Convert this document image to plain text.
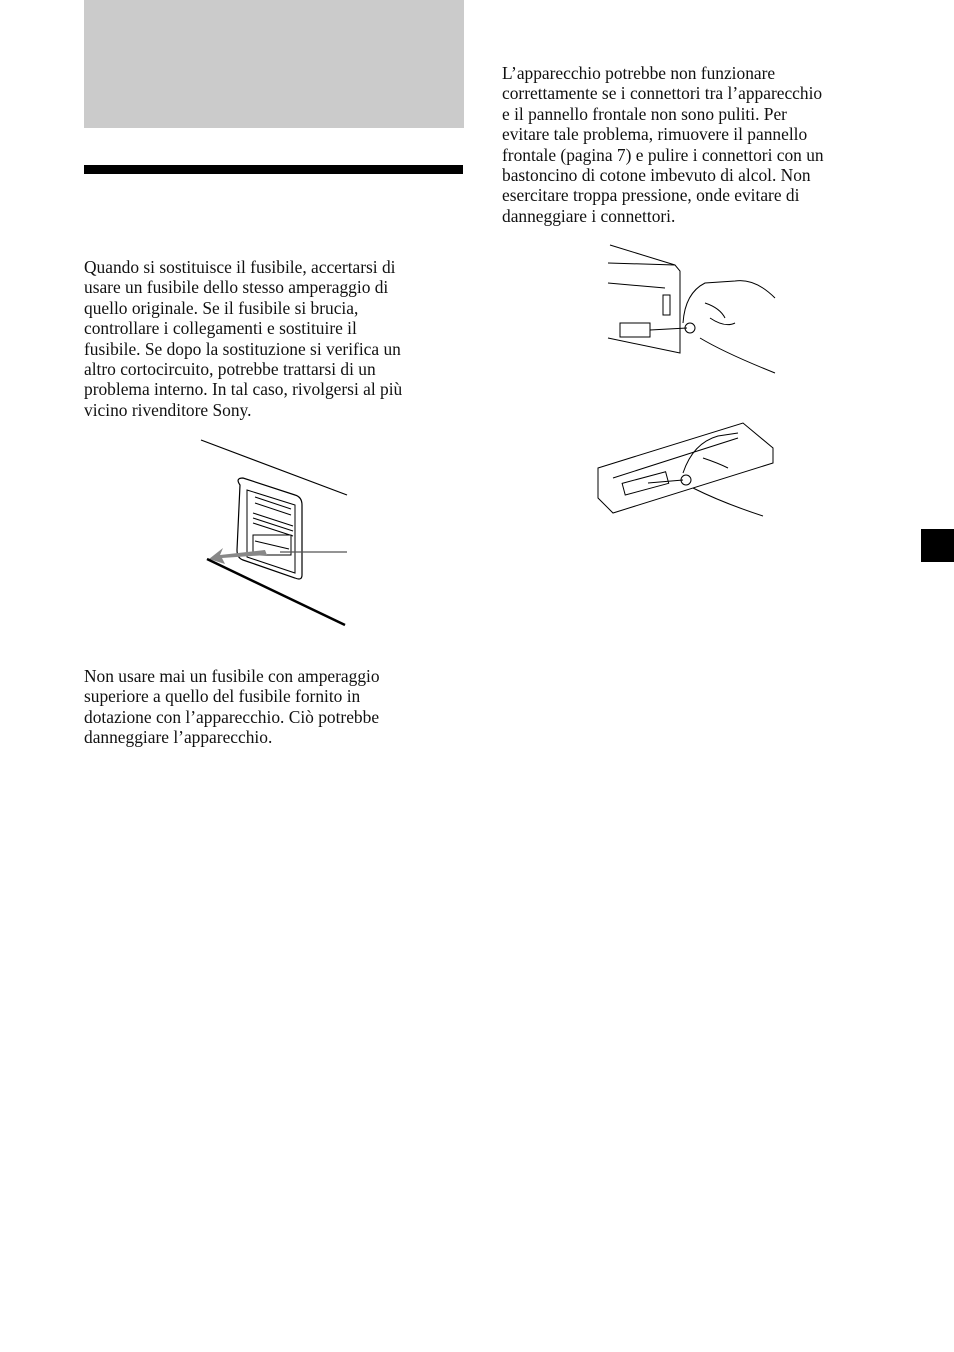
Quando si sostituisce il fusibile, accertarsi di
usare un fusibile dello stesso amperaggio di
quello originale. Se il fusibile si brucia,
controllare i collegamenti e sostituire il
fusibile. Se dopo la sostituzione si verifica un
altro cortocircuito, potrebbe trattarsi di un
problema interno. In tal caso, rivolgersi al più
vicino rivenditore Sony.
Non usare mai un fusibile con amperaggio
superiore a quello del fusibile fornito in
dotazione con l’apparecchio. Ciò potrebbe
danneggiare l’apparecchio.
L’apparecchio potrebbe non funzionare
correttamente se i connettori tra l’apparecchio
e il pannello frontale non sono puliti. Per
evitare tale problema, rimuovere il pannello
frontale (pagina 7) e pulire i connettori con un
bastoncino di cotone imbevuto di alcol. Non
esercitare troppa pressione, onde evitare di
danneggiare i connettori.
